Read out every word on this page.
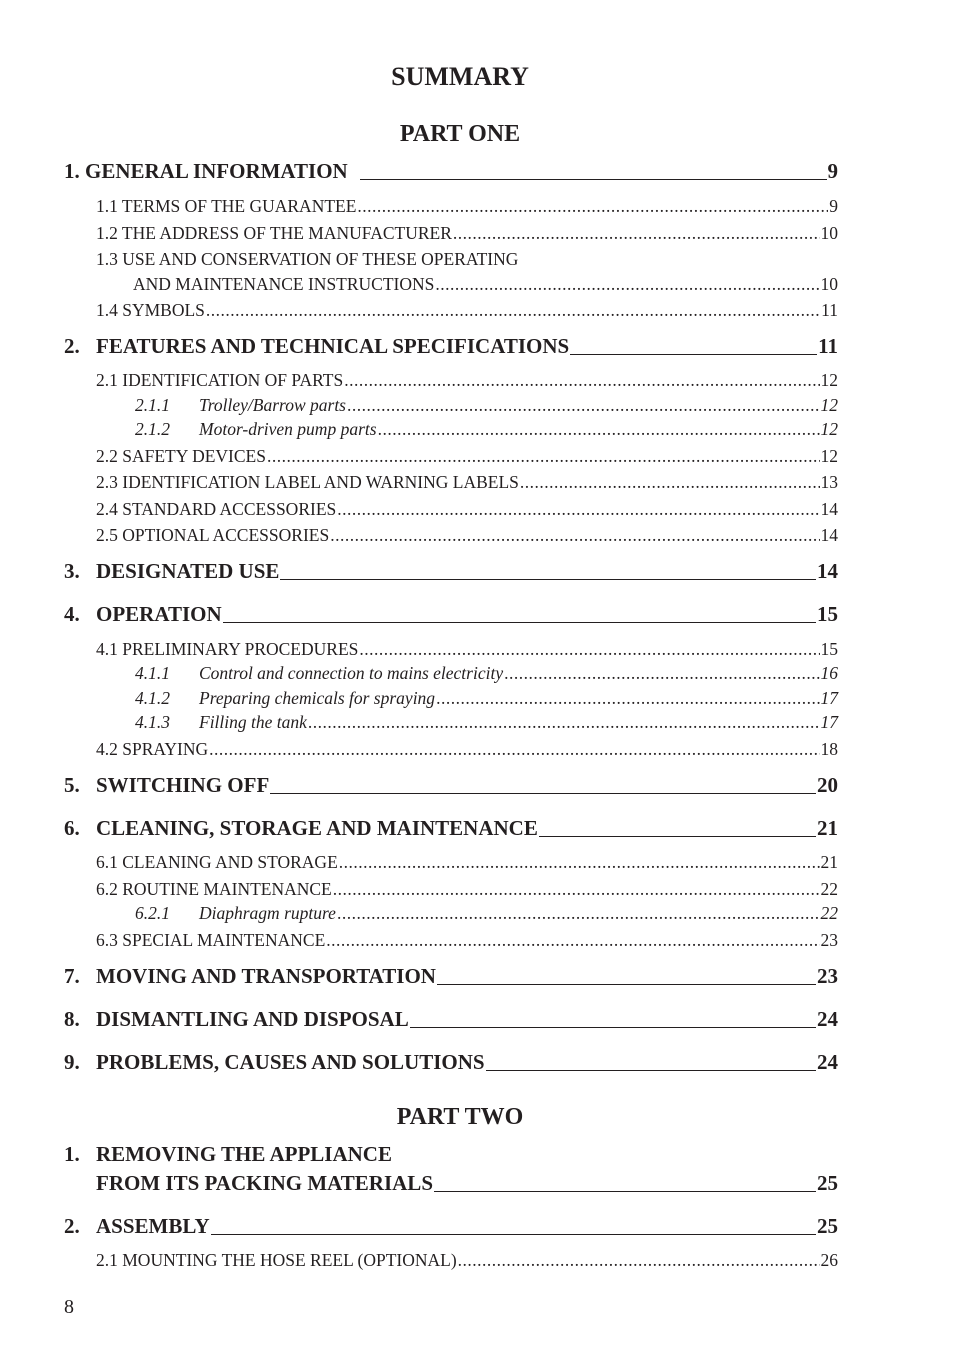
SUMMARY
PART ONE
1. GENERAL INFORMATION	9
1.1 TERMS OF THE GUARANTEE .....	9
1.2 THE ADDRESS OF THE MANUFACTURER .....	10
1.3 USE AND CONSERVATION OF THESE OPERATING
AND MAINTENANCE INSTRUCTIONS .....	10
1.4 SYMBOLS .....	11
2. FEATURES AND TECHNICAL SPECIFICATIONS	11
2.1 IDENTIFICATION OF PARTS .....	12
2.1.1	Trolley/Barrow parts .....	12
2.1.2	Motor-driven pump parts .....	12
2.2 SAFETY DEVICES .....	12
2.3 IDENTIFICATION LABEL AND WARNING LABELS .....	13
2.4 STANDARD ACCESSORIES .....	14
2.5 OPTIONAL ACCESSORIES .....	14
3. DESIGNATED USE	14
4. OPERATION	15
4.1 PRELIMINARY PROCEDURES .....	15
4.1.1	Control and connection to mains electricity .....	16
4.1.2	Preparing chemicals for spraying .....	17
4.1.3	Filling the tank .....	17
4.2 SPRAYING .....	18
5. SWITCHING OFF	20
6. CLEANING, STORAGE AND MAINTENANCE	21
6.1 CLEANING AND STORAGE .....	21
6.2 ROUTINE MAINTENANCE .....	22
6.2.1	Diaphragm rupture .....	22
6.3 SPECIAL MAINTENANCE .....	23
7. MOVING AND TRANSPORTATION	23
8. DISMANTLING AND DISPOSAL	24
9. PROBLEMS, CAUSES AND SOLUTIONS	24
PART TWO
1. REMOVING THE APPLIANCE
FROM ITS PACKING MATERIALS	25
2. ASSEMBLY	25
2.1 MOUNTING THE HOSE REEL (OPTIONAL) .....	26
8
